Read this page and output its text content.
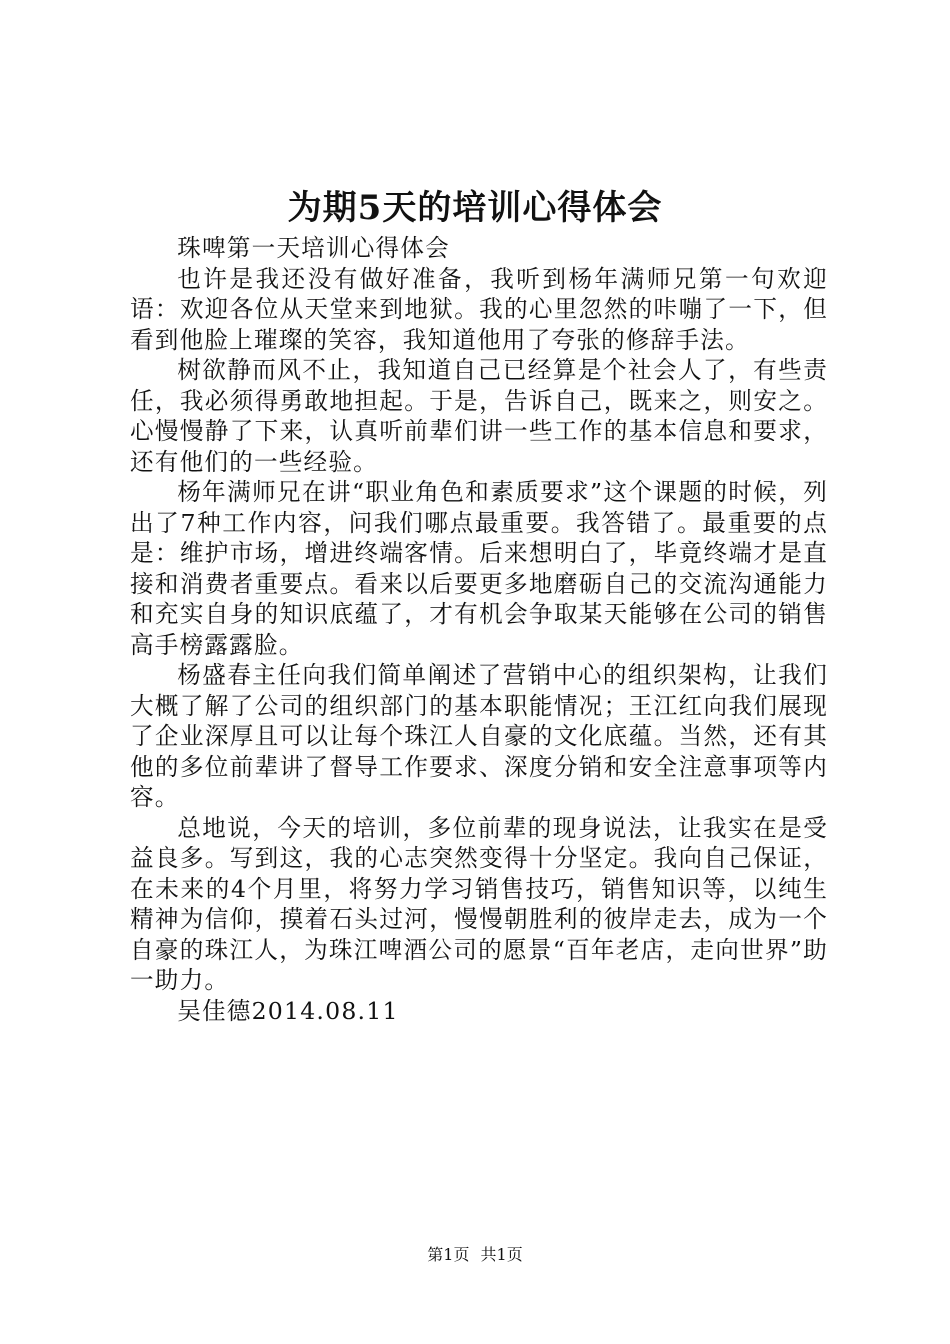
为期5天的培训心得体会

珠啤第一天培训心得体会

也许是我还没有做好准备，我听到杨年满师兄第一句欢迎语：欢迎各位从天堂来到地狱。我的心里忽然的咔嘣了一下，但看到他脸上璀璨的笑容，我知道他用了夸张的修辞手法。

树欲静而风不止，我知道自己已经算是个社会人了，有些责任，我必须得勇敢地担起。于是，告诉自己，既来之，则安之。心慢慢静了下来，认真听前辈们讲一些工作的基本信息和要求，还有他们的一些经验。

杨年满师兄在讲“职业角色和素质要求”这个课题的时候，列出了7种工作内容，问我们哪点最重要。我答错了。最重要的点是：维护市场，增进终端客情。后来想明白了，毕竟终端才是直接和消费者重要点。看来以后要更多地磨砺自己的交流沟通能力和充实自身的知识底蕴了，才有机会争取某天能够在公司的销售高手榜露露脸。

杨盛春主任向我们简单阐述了营销中心的组织架构，让我们大概了解了公司的组织部门的基本职能情况；王江红向我们展现了企业深厚且可以让每个珠江人自豪的文化底蕴。当然，还有其他的多位前辈讲了督导工作要求、深度分销和安全注意事项等内容。

总地说，今天的培训，多位前辈的现身说法，让我实在是受益良多。写到这，我的心志突然变得十分坚定。我向自己保证，在未来的4个月里，将努力学习销售技巧，销售知识等，以纯生精神为信仰，摸着石头过河，慢慢朝胜利的彼岸走去，成为一个自豪的珠江人，为珠江啤酒公司的愿景“百年老店，走向世界”助一助力。

吴佳德2014.08.11

第1页 共1页
